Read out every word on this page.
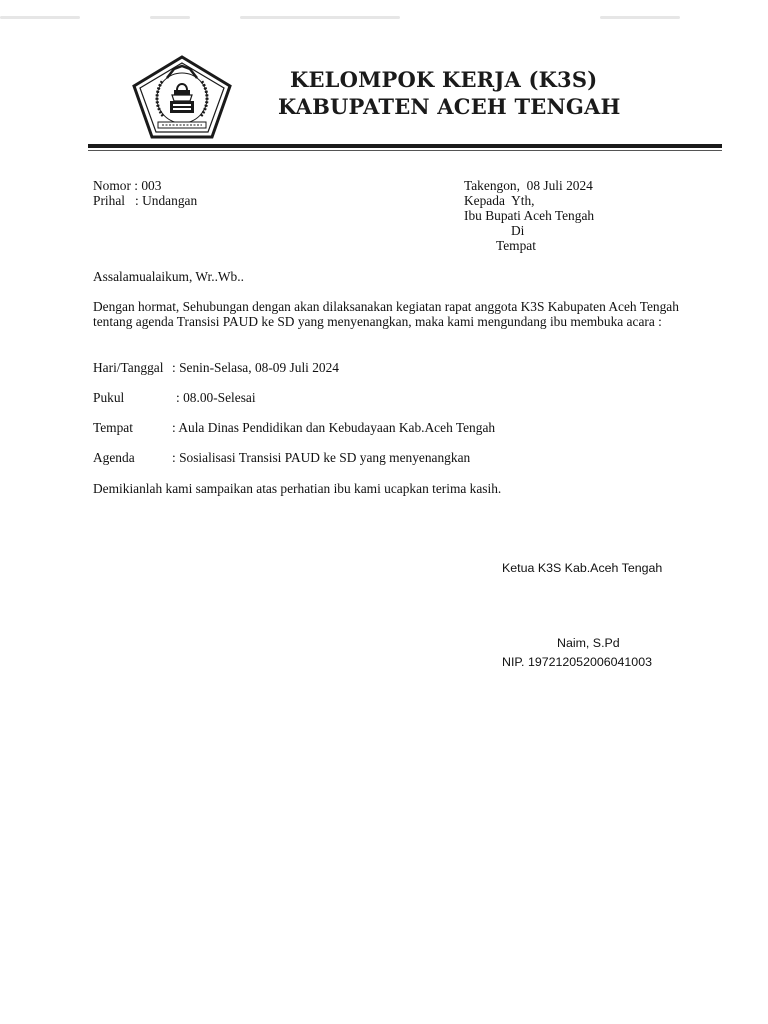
KELOMPOK KERJA (K3S)
KABUPATEN ACEH TENGAH
Nomor : 003
Prihal   : Undangan
Takengon,  08 Juli 2024
Kepada  Yth,
Ibu Bupati Aceh Tengah
Di
Tempat
Assalamualaikum, Wr..Wb..

Dengan hormat, Sehubungan dengan akan dilaksanakan kegiatan rapat anggota K3S Kabupaten Aceh Tengah tentang agenda Transisi PAUD ke SD yang menyenangkan, maka kami mengundang ibu membuka acara :

Hari/Tanggal : Senin-Selasa, 08-09 Juli 2024
Pukul	: 08.00-Selesai
Tempat	: Aula Dinas Pendidikan dan Kebudayaan Kab.Aceh Tengah
Agenda	: Sosialisasi Transisi PAUD ke SD yang menyenangkan
Demikianlah kami sampaikan atas perhatian ibu kami ucapkan terima kasih.
Ketua K3S Kab.Aceh Tengah
Naim, S.Pd
NIP. 197212052006041003
